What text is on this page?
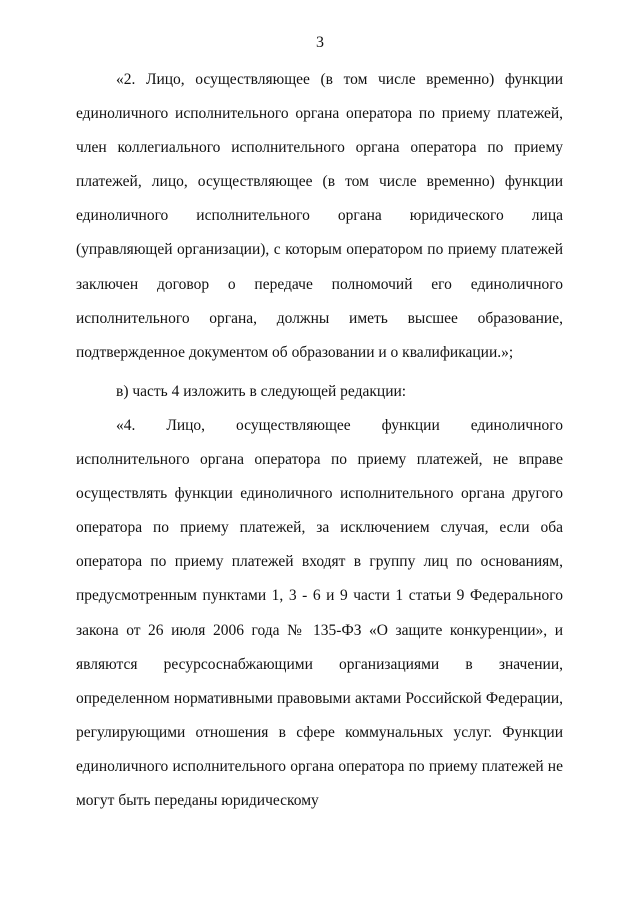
3

«2. Лицо, осуществляющее (в том числе временно) функции единоличного исполнительного органа оператора по приему платежей, член коллегиального исполнительного органа оператора по приему платежей, лицо, осуществляющее (в том числе временно) функции единоличного исполнительного органа юридического лица (управляющей организации), с которым оператором по приему платежей заключен договор о передаче полномочий его единоличного исполнительного органа, должны иметь высшее образование, подтвержденное документом об образовании и о квалификации.»;

в) часть 4 изложить в следующей редакции:

«4. Лицо, осуществляющее функции единоличного исполнительного органа оператора по приему платежей, не вправе осуществлять функции единоличного исполнительного органа другого оператора по приему платежей, за исключением случая, если оба оператора по приему платежей входят в группу лиц по основаниям, предусмотренным пунктами 1, 3 - 6 и 9 части 1 статьи 9 Федерального закона от 26 июля 2006 года № 135-ФЗ «О защите конкуренции», и являются ресурсоснабжающими организациями в значении, определенном нормативными правовыми актами Российской Федерации, регулирующими отношения в сфере коммунальных услуг. Функции единоличного исполнительного органа оператора по приему платежей не могут быть переданы юридическому
